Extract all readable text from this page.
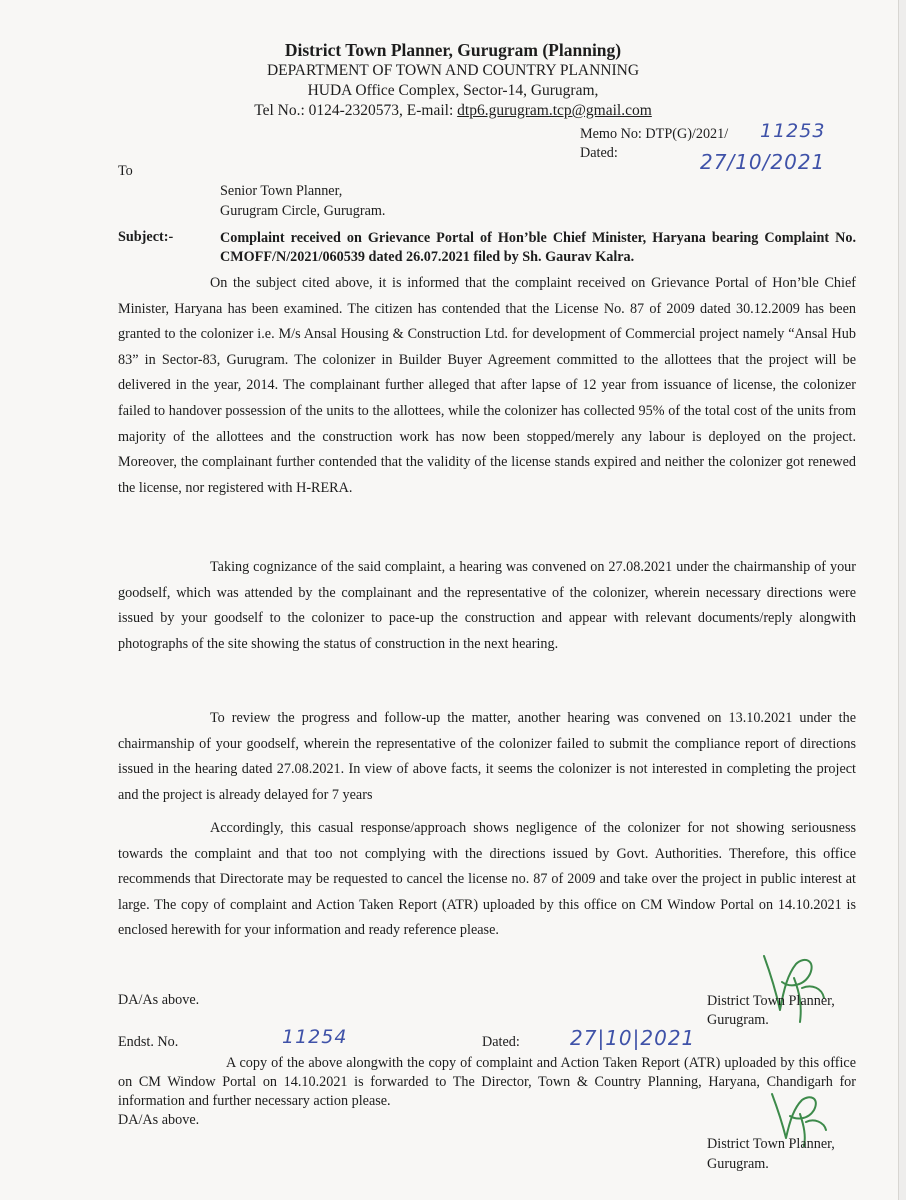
District Town Planner, Gurugram (Planning)
DEPARTMENT OF TOWN AND COUNTRY PLANNING
HUDA Office Complex, Sector-14, Gurugram,
Tel No.: 0124-2320573, E-mail: dtp6.gurugram.tcp@gmail.com
Memo No: DTP(G)/2021/ 11253
Dated:	27/10/2021
To
Senior Town Planner,
Gurugram Circle, Gurugram.
Subject:-	Complaint received on Grievance Portal of Hon’ble Chief Minister, Haryana bearing Complaint No. CMOFF/N/2021/060539 dated 26.07.2021 filed by Sh. Gaurav Kalra.
On the subject cited above, it is informed that the complaint received on Grievance Portal of Hon’ble Chief Minister, Haryana has been examined. The citizen has contended that the License No. 87 of 2009 dated 30.12.2009 has been granted to the colonizer i.e. M/s Ansal Housing & Construction Ltd. for development of Commercial project namely “Ansal Hub 83” in Sector-83, Gurugram. The colonizer in Builder Buyer Agreement committed to the allottees that the project will be delivered in the year, 2014. The complainant further alleged that after lapse of 12 year from issuance of license, the colonizer failed to handover possession of the units to the allottees, while the colonizer has collected 95% of the total cost of the units from majority of the allottees and the construction work has now been stopped/merely any labour is deployed on the project. Moreover, the complainant further contended that the validity of the license stands expired and neither the colonizer got renewed the license, nor registered with H-RERA.
Taking cognizance of the said complaint, a hearing was convened on 27.08.2021 under the chairmanship of your goodself, which was attended by the complainant and the representative of the colonizer, wherein necessary directions were issued by your goodself to the colonizer to pace-up the construction and appear with relevant documents/reply alongwith photographs of the site showing the status of construction in the next hearing.
To review the progress and follow-up the matter, another hearing was convened on 13.10.2021 under the chairmanship of your goodself, wherein the representative of the colonizer failed to submit the compliance report of directions issued in the hearing dated 27.08.2021. In view of above facts, it seems the colonizer is not interested in completing the project and the project is already delayed for 7 years
Accordingly, this casual response/approach shows negligence of the colonizer for not showing seriousness towards the complaint and that too not complying with the directions issued by Govt. Authorities. Therefore, this office recommends that Directorate may be requested to cancel the license no. 87 of 2009 and take over the project in public interest at large. The copy of complaint and Action Taken Report (ATR) uploaded by this office on CM Window Portal on 14.10.2021 is enclosed herewith for your information and ready reference please.
DA/As above.	District Town Planner,
Gurugram.
Endst. No.	11254	Dated:	27|10|2021
A copy of the above alongwith the copy of complaint and Action Taken Report (ATR) uploaded by this office on CM Window Portal on 14.10.2021 is forwarded to The Director, Town & Country Planning, Haryana, Chandigarh for information and further necessary action please.
DA/As above.
District Town Planner,
Gurugram.
